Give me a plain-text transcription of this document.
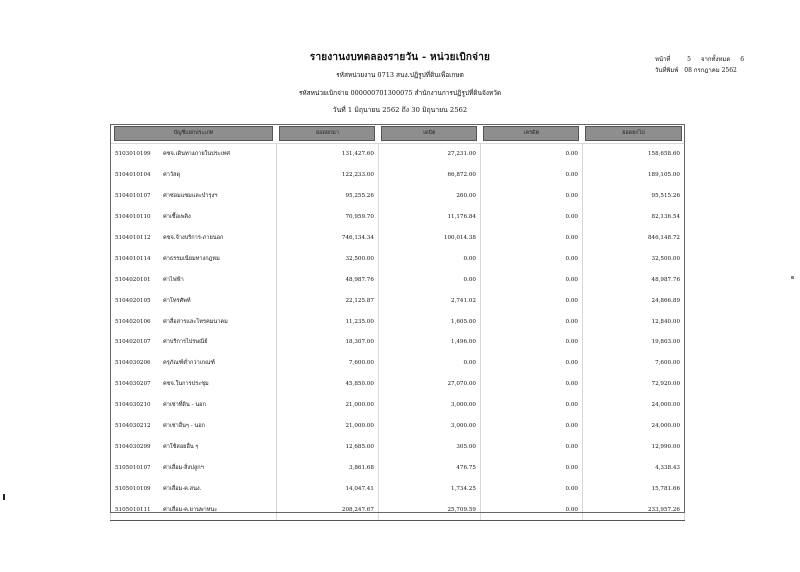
รายงานงบทดลองรายวัน - หน่วยเบิกจ่าย
รหัสหน่วยงาน 0713 สนง.ปฏิรูปที่ดินเพื่อเกษต
รหัสหน่วยเบิกจ่าย 000000701300075 สำนักงานการปฏิรูปที่ดินจังหวัด
วันที่ 1 มิถุนายน 2562 ถึง 30 มิถุนายน 2562
หน้าที่	5	จากทั้งหมด	6
วันที่พิมพ์ 08 กรกฎาคม 2562
บัญชีแยกประเภท	ยอดยกมา	เดบิต	เครดิต	ยอดยกไป

5103010199 คชจ.เดินทางภายในประเทศ	131,427.60	27,231.00	0.00	158,658.60
5104010104 ค่าวัสดุ	122,233.00	66,872.00	0.00	189,105.00
5104010107 ค่าซ่อมแซมและบำรุงฯ	95,255.26	260.00	0.00	95,515.26
5104010110 ค่าเชื้อเพลิง	70,959.70	11,176.84	0.00	82,136.54
5104010112 คชจ.จ้างบริการ-ภายนอก	746,134.34	100,014.38	0.00	846,148.72
5104010114 ค่าธรรมเนียมทางกฎหม	32,500.00	0.00	0.00	32,500.00
5104020101 ค่าไฟฟ้า	48,987.76	0.00	0.00	48,987.76
5104020105 ค่าโทรศัพท์	22,125.87	2,741.02	0.00	24,866.89
5104020106 ค่าสื่อสารและโทรคมนาคม	11,235.00	1,605.00	0.00	12,840.00
5104020107 ค่าบริการไปรษณีย์	18,307.00	1,496.00	0.00	19,803.00
5104030206 ครุภัณฑ์ต่ำกว่าเกณฑ์	7,600.00	0.00	0.00	7,600.00
5104030207 คชจ.ในการประชุม	45,850.00	27,070.00	0.00	72,920.00
5104030210 ค่าเช่าที่ดิน - นอก	21,000.00	3,000.00	0.00	24,000.00
5104030212 ค่าเช่าอื่นๆ - นอก	21,000.00	3,000.00	0.00	24,000.00
5104030299 ค่าใช้สอยอื่น ๆ	12,685.00	305.00	0.00	12,990.00
5105010107 ค่าเสื่อม-สิ่งปลูกฯ	3,861.68	476.75	0.00	4,338.43
5105010109 ค่าเสื่อม-ค.สนง.	14,047.41	1,734.25	0.00	15,781.66
5105010111 ค่าเสื่อม-ค.ยานพาหนะ	208,247.67	25,709.59	0.00	233,957.26
